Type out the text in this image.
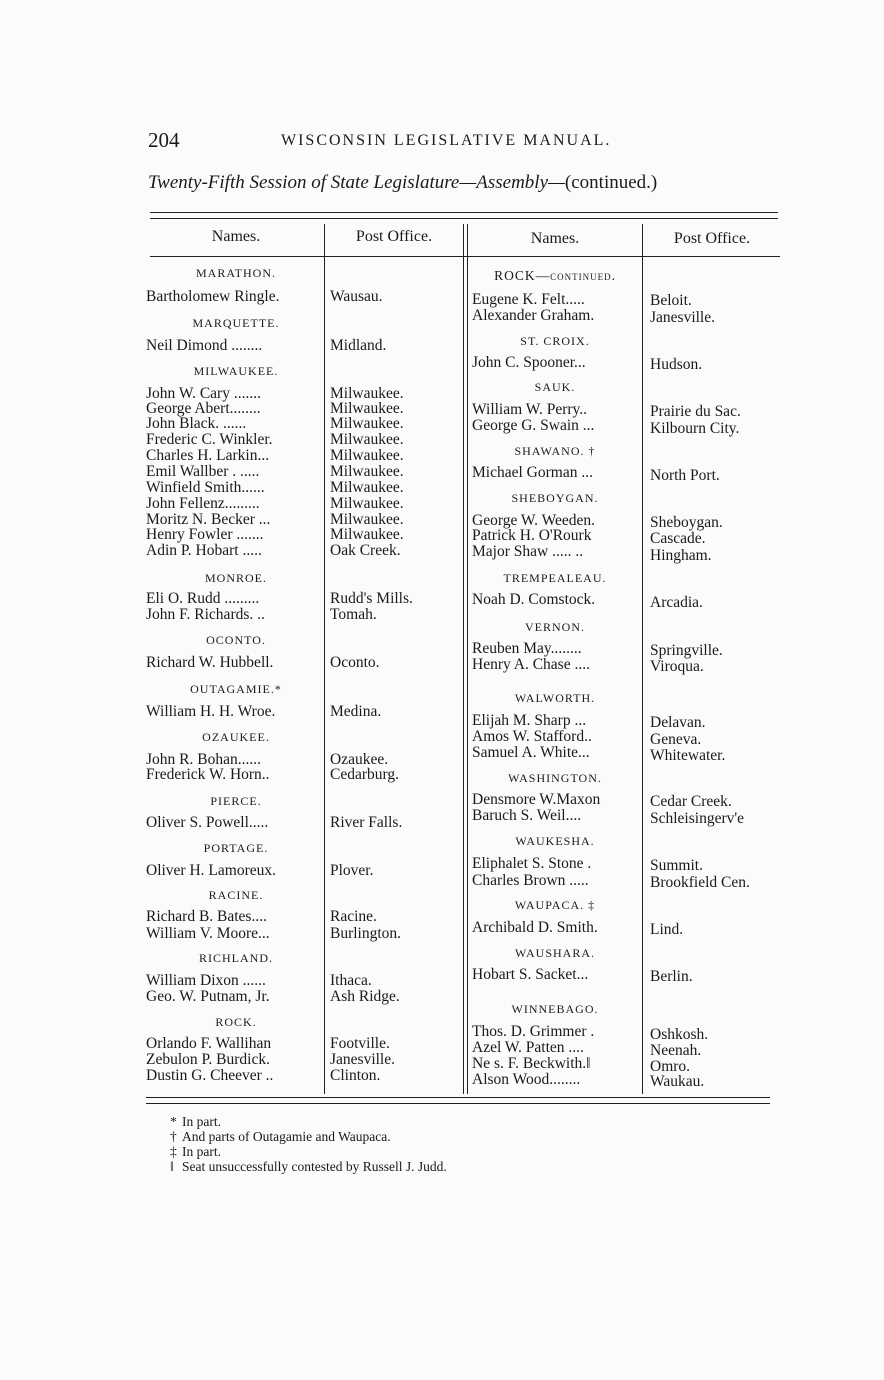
204	WISCONSIN LEGISLATIVE MANUAL.
Twenty-Fifth Session of State Legislature—Assembly—(continued.)
Names.	Post Office.	Names.	Post Office.
MARATHON.
Bartholomew Ringle.	Wausau.
MARQUETTE.
Neil Dimond ........	Midland.
MILWAUKEE.
John W. Cary .......	Milwaukee.
George Abert........	Milwaukee.
John Black. ......	Milwaukee.
Frederic C. Winkler.	Milwaukee.
Charles H. Larkin...	Milwaukee.
Emil Wallber . .....	Milwaukee.
Winfield Smith......	Milwaukee.
John Fellenz.........	Milwaukee.
Moritz N. Becker ...	Milwaukee.
Henry Fowler .......	Milwaukee.
Adin P. Hobart .....	Oak Creek.
MONROE.
Eli O. Rudd .........	Rudd's Mills.
John F. Richards. ..	Tomah.
OCONTO.
Richard W. Hubbell.	Oconto.
OUTAGAMIE.*
William H. H. Wroe.	Medina.
OZAUKEE.
John R. Bohan......	Ozaukee.
Frederick W. Horn..	Cedarburg.
PIERCE.
Oliver S. Powell.....	River Falls.
PORTAGE.
Oliver H. Lamoreux.	Plover.
RACINE.
Richard B. Bates....	Racine.
William V. Moore...	Burlington.
RICHLAND.
William Dixon ......	Ithaca.
Geo. W. Putnam, Jr.	Ash Ridge.
ROCK.
Orlando F. Wallihan	Footville.
Zebulon P. Burdick.	Janesville.
Dustin G. Cheever ..	Clinton.
ROCK—continued.
Eugene K. Felt.....	Beloit.
Alexander Graham.	Janesville.
ST. CROIX.
John C. Spooner...	Hudson.
SAUK.
William W. Perry..	Prairie du Sac.
George G. Swain ...	Kilbourn City.
SHAWANO. †
Michael Gorman ...	North Port.
SHEBOYGAN.
George W. Weeden.	Sheboygan.
Patrick H. O'Rourk	Cascade.
Major Shaw ..... ..	Hingham.
TREMPEALEAU.
Noah D. Comstock.	Arcadia.
VERNON.
Reuben May........	Springville.
Henry A. Chase ....	Viroqua.
WALWORTH.
Elijah M. Sharp ...	Delavan.
Amos W. Stafford..	Geneva.
Samuel A. White...	Whitewater.
WASHINGTON.
Densmore W.Maxon	Cedar Creek.
Baruch S. Weil....	Schleisingerv'e
WAUKESHA.
Eliphalet S. Stone .	Summit.
Charles Brown .....	Brookfield Cen.
WAUPACA. ‡
Archibald D. Smith.	Lind.
WAUSHARA.
Hobart S. Sacket...	Berlin.
WINNEBAGO.
Thos. D. Grimmer .	Oshkosh.
Azel W. Patten ....	Neenah.
Ne s. F. Beckwith.‖	Omro.
Alson Wood........	Waukau.
* In part.
† And parts of Outagamie and Waupaca.
‡ In part.
‖ Seat unsuccessfully contested by Russell J. Judd.
